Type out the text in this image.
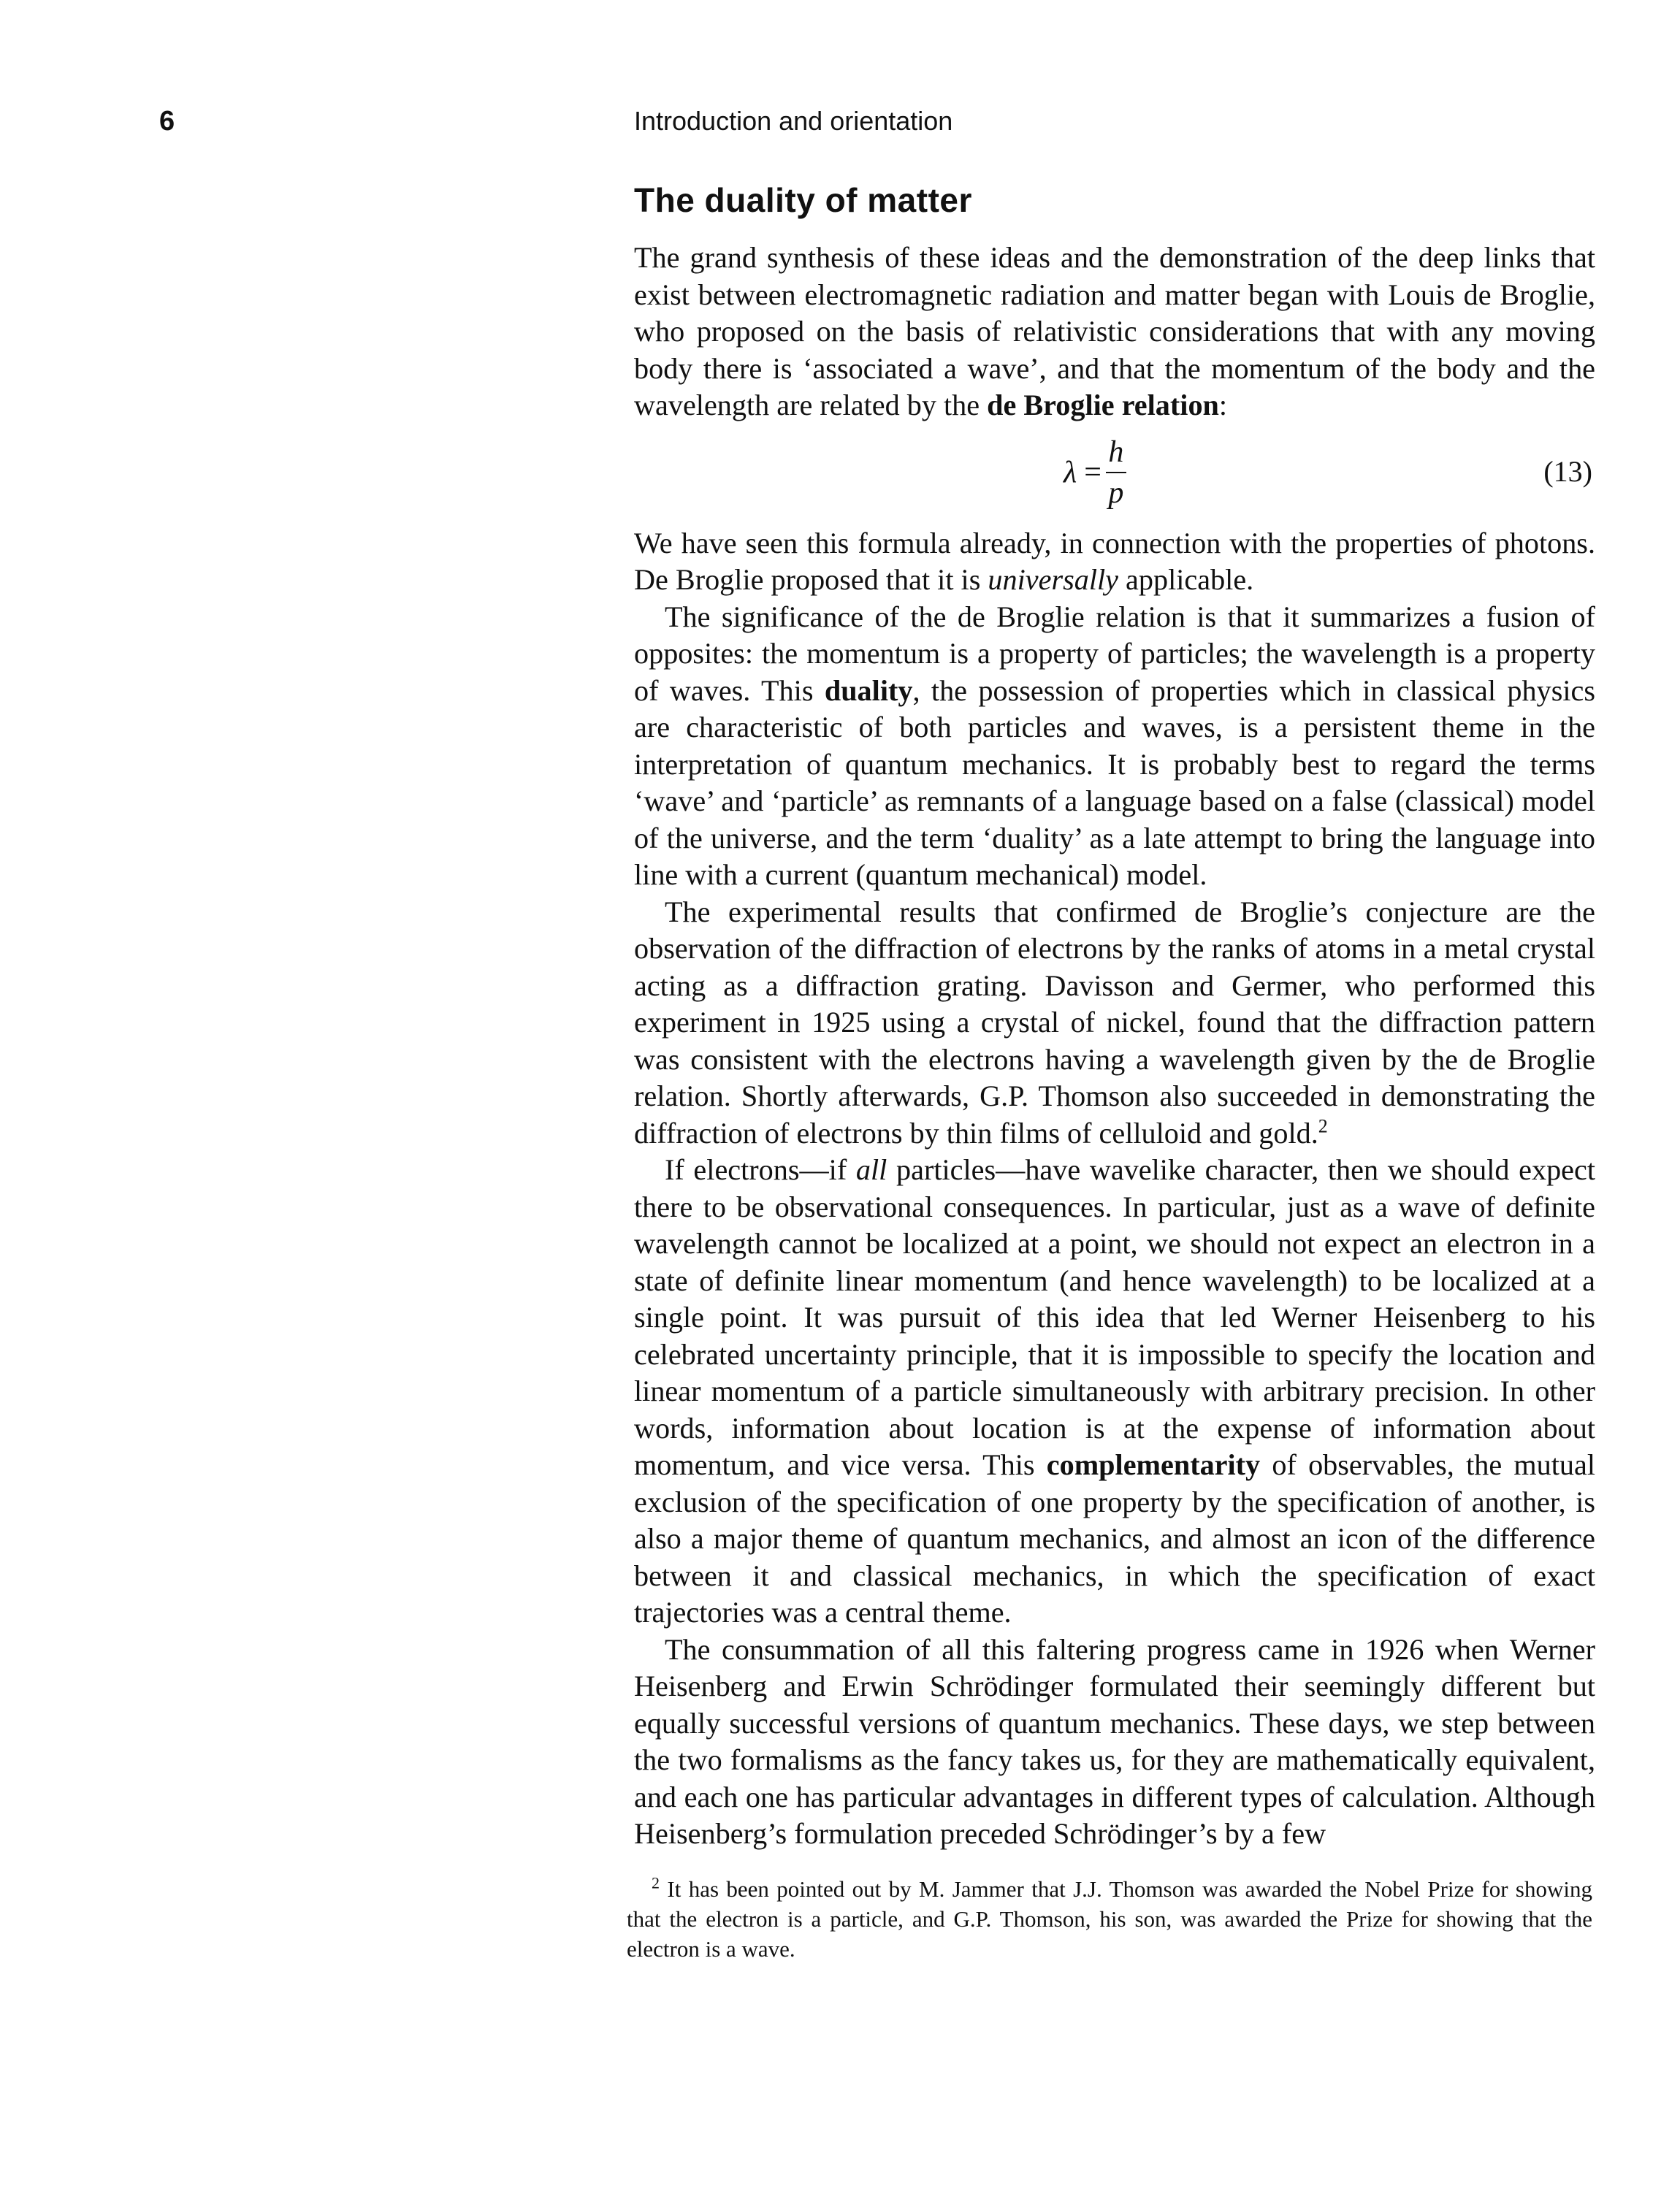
6	Introduction and orientation
The duality of matter

The grand synthesis of these ideas and the demonstration of the deep links that exist between electromagnetic radiation and matter began with Louis de Broglie, who proposed on the basis of relativistic considerations that with any moving body there is ‘associated a wave’, and that the momentum of the body and the wavelength are related by the de Broglie relation:

$\lambda = \frac{h}{p}$	(13)

We have seen this formula already, in connection with the properties of photons. De Broglie proposed that it is universally applicable.

The significance of the de Broglie relation is that it summarizes a fusion of opposites: the momentum is a property of particles; the wavelength is a property of waves. This duality, the possession of properties which in classical physics are characteristic of both particles and waves, is a persistent theme in the interpretation of quantum mechanics. It is probably best to regard the terms ‘wave’ and ‘particle’ as remnants of a language based on a false (classical) model of the universe, and the term ‘duality’ as a late attempt to bring the language into line with a current (quantum mechanical) model.

The experimental results that confirmed de Broglie’s conjecture are the observation of the diffraction of electrons by the ranks of atoms in a metal crystal acting as a diffraction grating. Davisson and Germer, who performed this experiment in 1925 using a crystal of nickel, found that the diffraction pattern was consistent with the electrons having a wavelength given by the de Broglie relation. Shortly afterwards, G.P. Thomson also succeeded in demonstrating the diffraction of electrons by thin films of celluloid and gold.$^2$

If electrons—if all particles—have wavelike character, then we should expect there to be observational consequences. In particular, just as a wave of definite wavelength cannot be localized at a point, we should not expect an electron in a state of definite linear momentum (and hence wavelength) to be localized at a single point. It was pursuit of this idea that led Werner Heisenberg to his celebrated uncertainty principle, that it is impossible to specify the location and linear momentum of a particle simultaneously with arbitrary precision. In other words, information about location is at the expense of information about momentum, and vice versa. This complementarity of observables, the mutual exclusion of the specification of one property by the specification of another, is also a major theme of quantum mechanics, and almost an icon of the difference between it and classical mechanics, in which the specification of exact trajectories was a central theme.

The consummation of all this faltering progress came in 1926 when Werner Heisenberg and Erwin Schrödinger formulated their seemingly different but equally successful versions of quantum mechanics. These days, we step between the two formalisms as the fancy takes us, for they are mathematically equivalent, and each one has particular advantages in different types of calculation. Although Heisenberg’s formulation preceded Schrödinger’s by a few

$^2$ It has been pointed out by M. Jammer that J.J. Thomson was awarded the Nobel Prize for showing that the electron is a particle, and G.P. Thomson, his son, was awarded the Prize for showing that the electron is a wave.
